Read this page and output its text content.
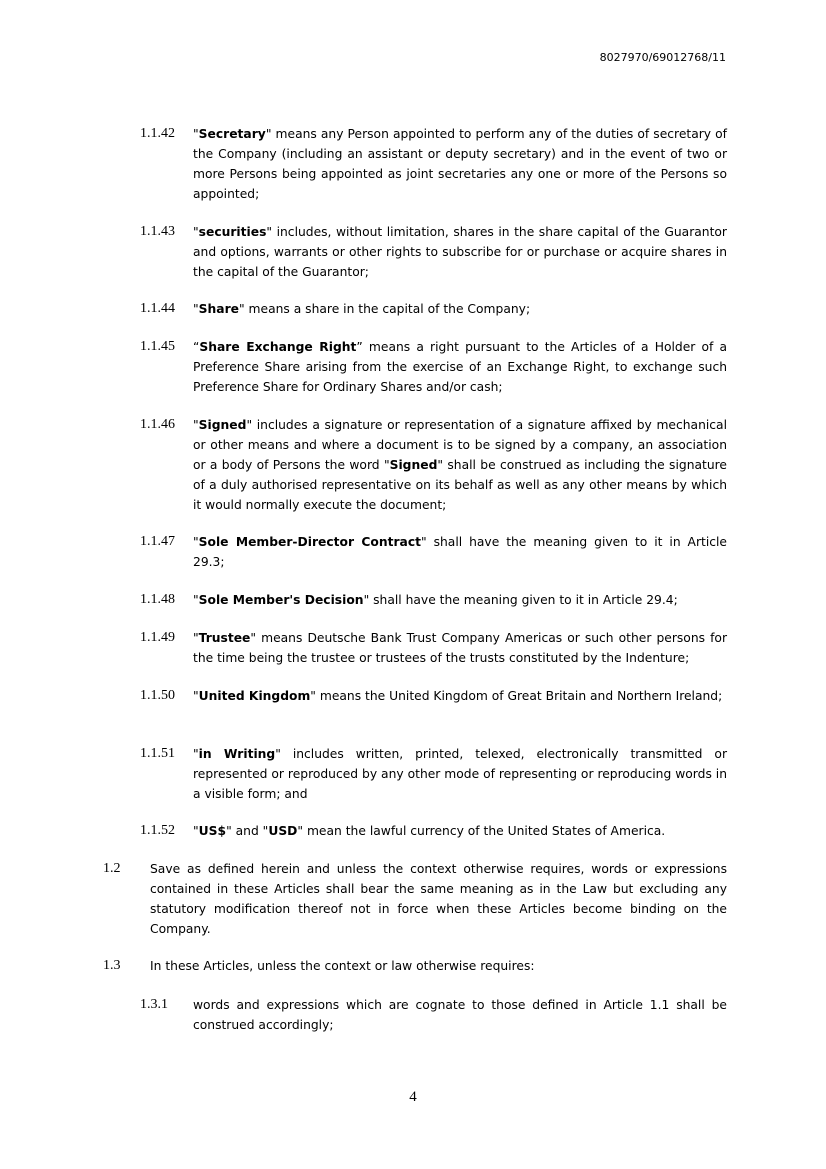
8027970/69012768/11
1.1.42 "Secretary" means any Person appointed to perform any of the duties of secretary of the Company (including an assistant or deputy secretary) and in the event of two or more Persons being appointed as joint secretaries any one or more of the Persons so appointed;
1.1.43 "securities" includes, without limitation, shares in the share capital of the Guarantor and options, warrants or other rights to subscribe for or purchase or acquire shares in the capital of the Guarantor;
1.1.44 "Share" means a share in the capital of the Company;
1.1.45 “Share Exchange Right” means a right pursuant to the Articles of a Holder of a Preference Share arising from the exercise of an Exchange Right, to exchange such Preference Share for Ordinary Shares and/or cash;
1.1.46 "Signed" includes a signature or representation of a signature affixed by mechanical or other means and where a document is to be signed by a company, an association or a body of Persons the word "Signed" shall be construed as including the signature of a duly authorised representative on its behalf as well as any other means by which it would normally execute the document;
1.1.47 "Sole Member-Director Contract" shall have the meaning given to it in Article 29.3;
1.1.48 "Sole Member's Decision" shall have the meaning given to it in Article 29.4;
1.1.49 "Trustee" means Deutsche Bank Trust Company Americas or such other persons for the time being the trustee or trustees of the trusts constituted by the Indenture;
1.1.50 "United Kingdom" means the United Kingdom of Great Britain and Northern Ireland;
1.1.51 "in Writing" includes written, printed, telexed, electronically transmitted or represented or reproduced by any other mode of representing or reproducing words in a visible form; and
1.1.52 "US$" and "USD" mean the lawful currency of the United States of America.
1.2 Save as defined herein and unless the context otherwise requires, words or expressions contained in these Articles shall bear the same meaning as in the Law but excluding any statutory modification thereof not in force when these Articles become binding on the Company.
1.3 In these Articles, unless the context or law otherwise requires:
1.3.1 words and expressions which are cognate to those defined in Article 1.1 shall be construed accordingly;
4
